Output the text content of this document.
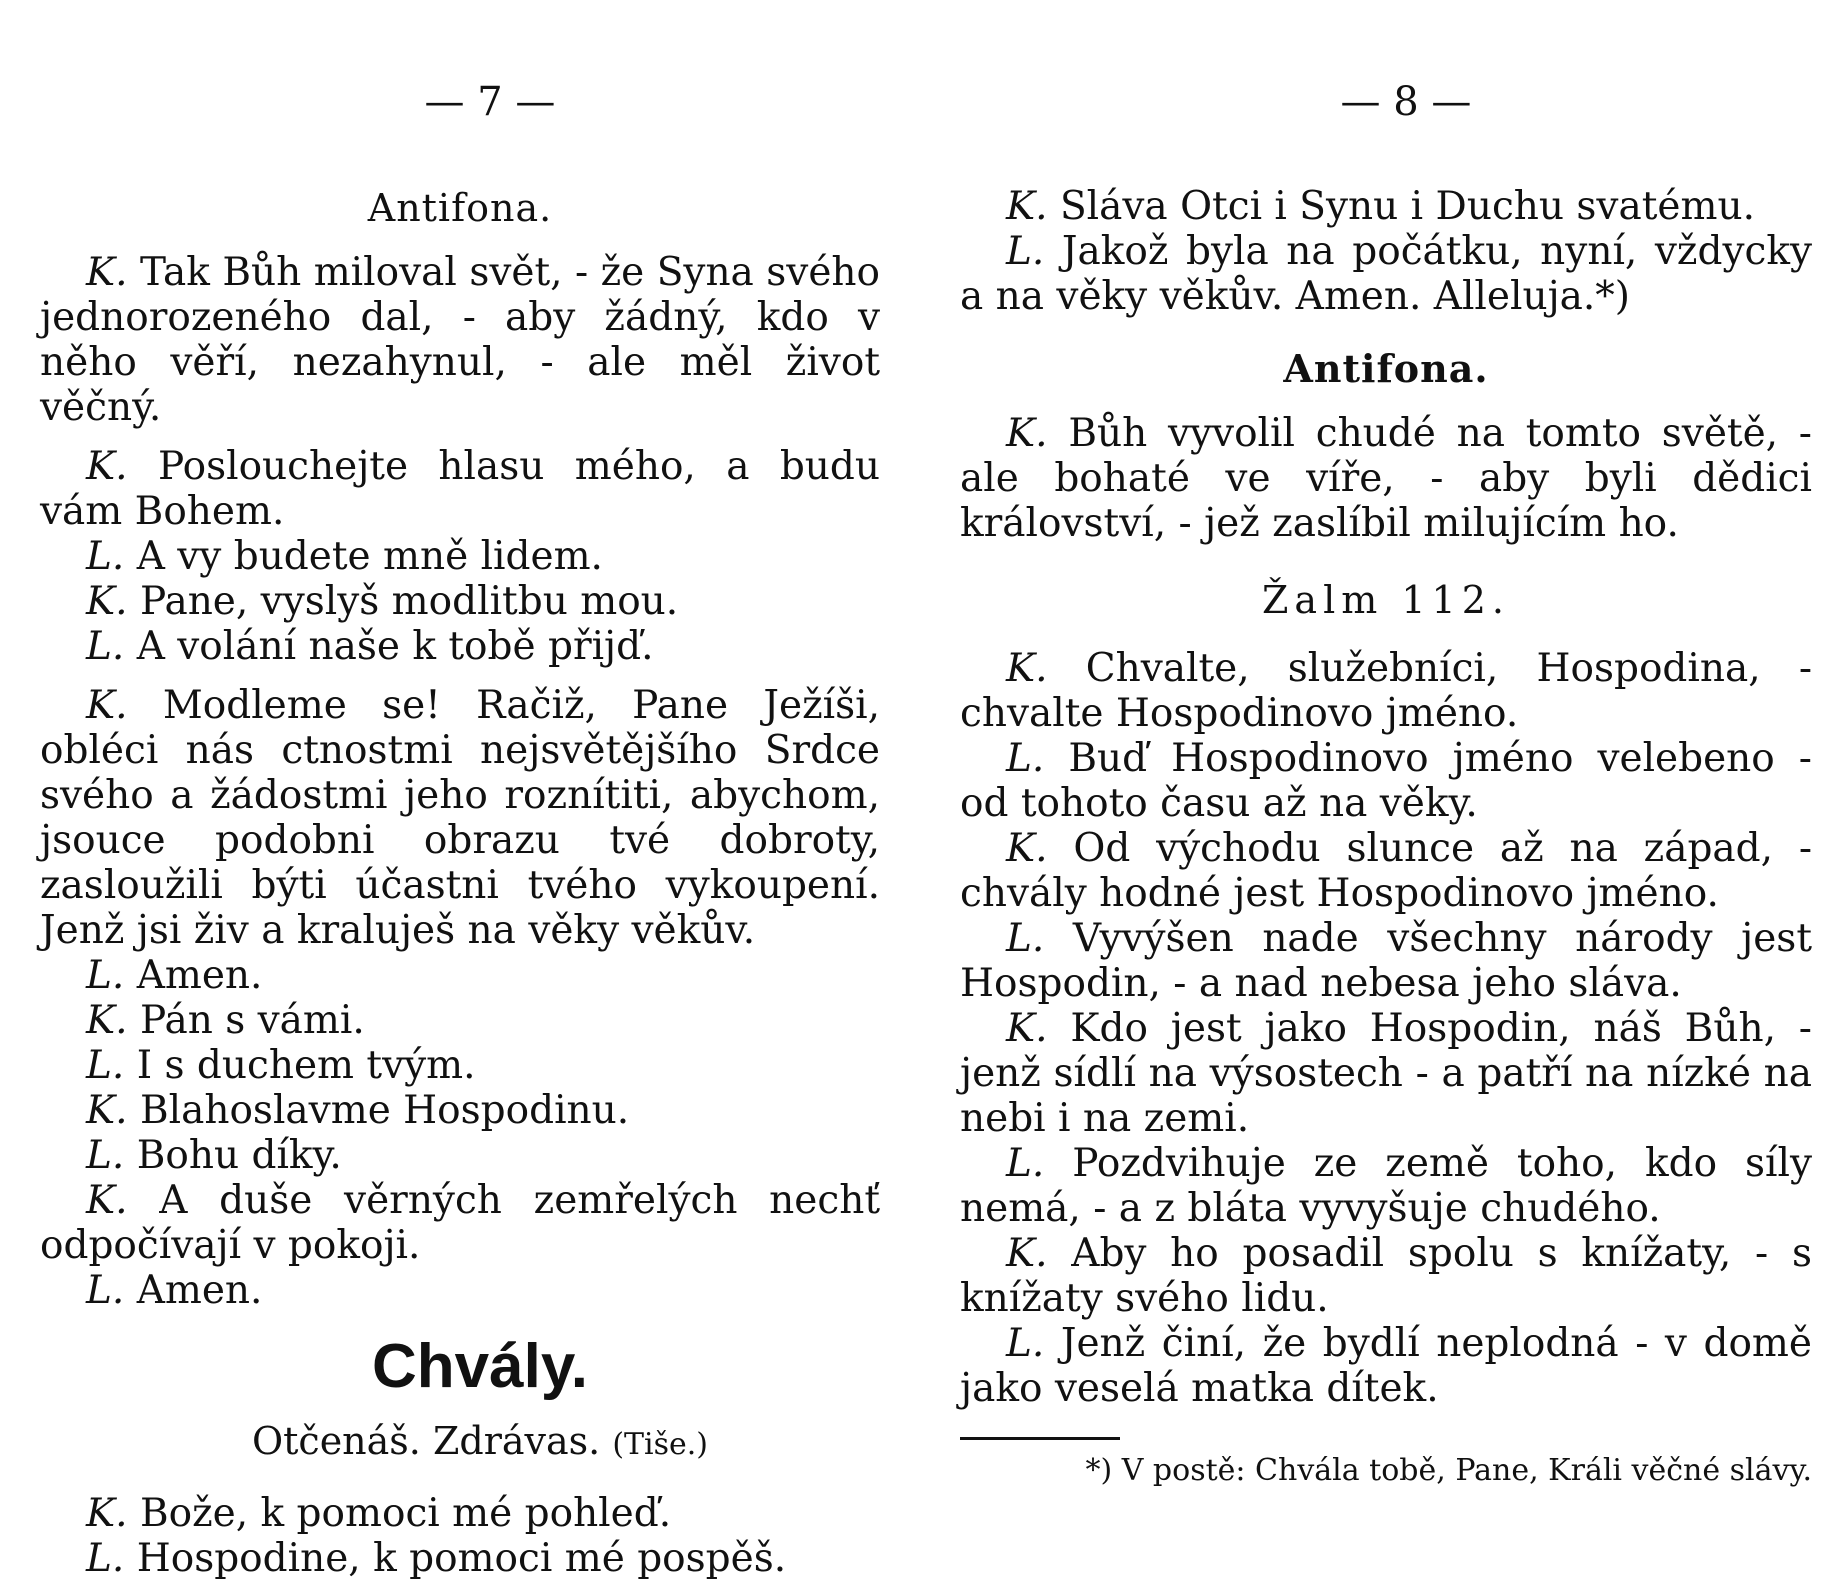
— 7 —
Antifona.

K. Tak Bůh miloval svět, - že Syna svého jednorozeného dal, - aby žádný, kdo v něho věří, nezahynul, - ale měl život věčný.

K. Poslouchejte hlasu mého, a budu vám Bohem.

L. A vy budete mně lidem.
K. Pane, vyslyš modlitbu mou.
L. A volání naše k tobě přijď.

K. Modleme se! Račiž, Pane Ježíši, obléci nás ctnostmi nejsvětějšího Srdce svého a žádostmi jeho roznítiti, abychom, jsouce podobni obrazu tvé dobroty, zasloužili býti účastni tvého vykoupení. Jenž jsi živ a kraluješ na věky věkův.

L. Amen.
K. Pán s vámi.
L. I s duchem tvým.
K. Blahoslavme Hospodinu.
L. Bohu díky.

K. A duše věrných zemřelých nechť odpočívají v pokoji.

L. Amen.
Chvály.
Otčenáš. Zdrávas. (Tiše.)
K. Bože, k pomoci mé pohleď.
L. Hospodine, k pomoci mé pospěš.
— 8 —

K. Sláva Otci i Synu i Duchu svatému.

L. Jakož byla na počátku, nyní, vždycky a na věky věkův. Amen. Alleluja.*)

Antifona.

K. Bůh vyvolil chudé na tomto světě, - ale bohaté ve víře, - aby byli dědici království, - jež zaslíbil milujícím ho.

Žalm 112.

K. Chvalte, služebníci, Hospodina, - chvalte Hospodinovo jméno.

L. Buď Hospodinovo jméno velebeno - od tohoto času až na věky.

K. Od východu slunce až na západ, - chvály hodné jest Hospodinovo jméno.

L. Vyvýšen nade všechny národy jest Hospodin, - a nad nebesa jeho sláva.

K. Kdo jest jako Hospodin, náš Bůh, - jenž sídlí na výsostech - a patří na nízké na nebi i na zemi.

L. Pozdvihuje ze země toho, kdo síly nemá, - a z bláta vyvyšuje chudého.

K. Aby ho posadil spolu s knížaty, - s knížaty svého lidu.

L. Jenž činí, že bydlí neplodná - v domě jako veselá matka dítek.

*) V postě: Chvála tobě, Pane, Králi věčné slávy.
